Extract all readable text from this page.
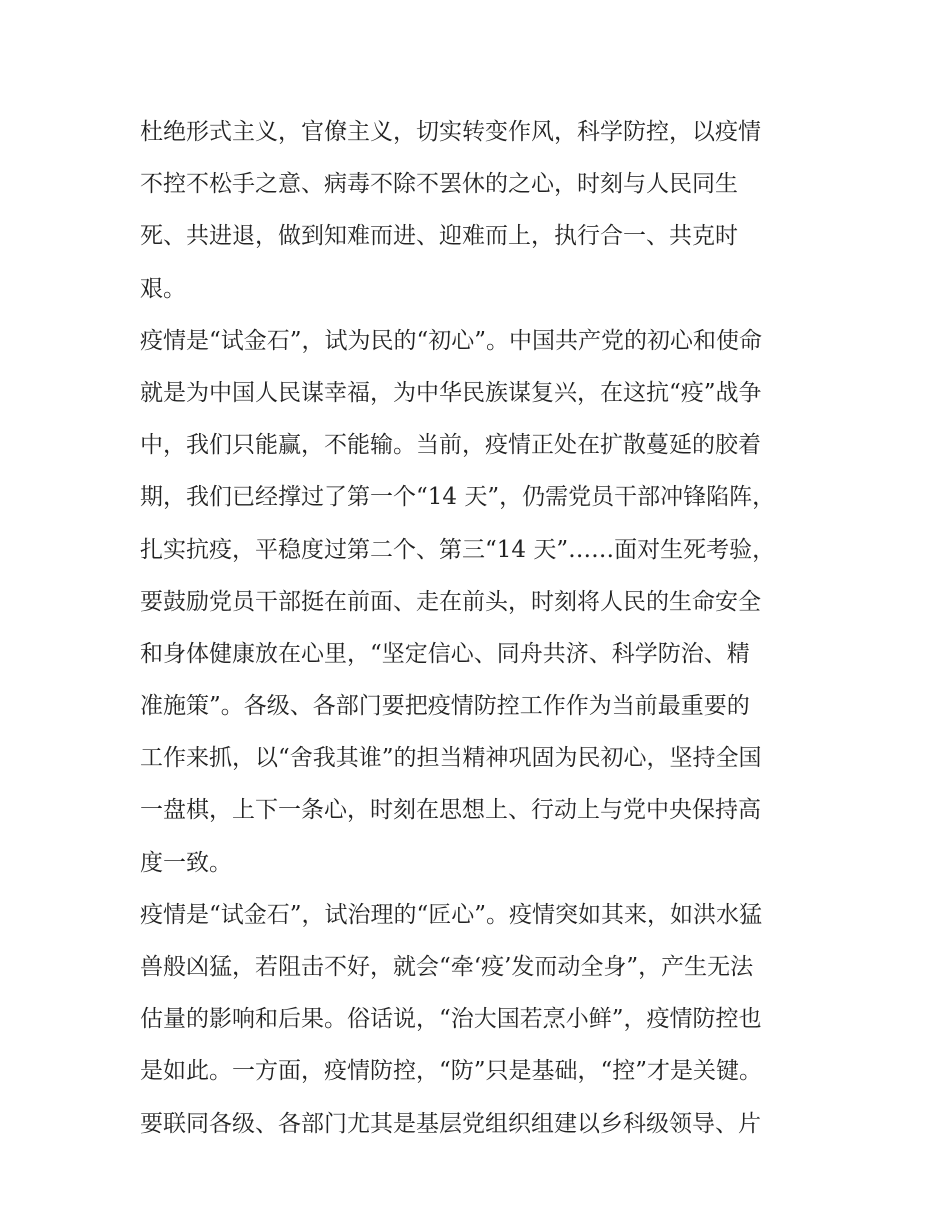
杜绝形式主义，官僚主义，切实转变作风，科学防控，以疫情
不控不松手之意、病毒不除不罢休的之心，时刻与人民同生
死、共进退，做到知难而进、迎难而上，执行合一、共克时
艰。
疫情是“试金石”，试为民的“初心”。中国共产党的初心和使命
就是为中国人民谋幸福，为中华民族谋复兴，在这抗“疫”战争
中，我们只能赢，不能输。当前，疫情正处在扩散蔓延的胶着
期，我们已经撑过了第一个“14 天”，仍需党员干部冲锋陷阵，
扎实抗疫，平稳度过第二个、第三“14 天”……面对生死考验，
要鼓励党员干部挺在前面、走在前头，时刻将人民的生命安全
和身体健康放在心里，“坚定信心、同舟共济、科学防治、精
准施策”。各级、各部门要把疫情防控工作作为当前最重要的
工作来抓，以“舍我其谁”的担当精神巩固为民初心，坚持全国
一盘棋，上下一条心，时刻在思想上、行动上与党中央保持高
度一致。
疫情是“试金石”，试治理的“匠心”。疫情突如其来，如洪水猛
兽般凶猛，若阻击不好，就会“牵‘疫’发而动全身”，产生无法
估量的影响和后果。俗话说，“治大国若烹小鲜”，疫情防控也
是如此。一方面，疫情防控，“防”只是基础，“控”才是关键。
要联同各级、各部门尤其是基层党组织组建以乡科级领导、片
